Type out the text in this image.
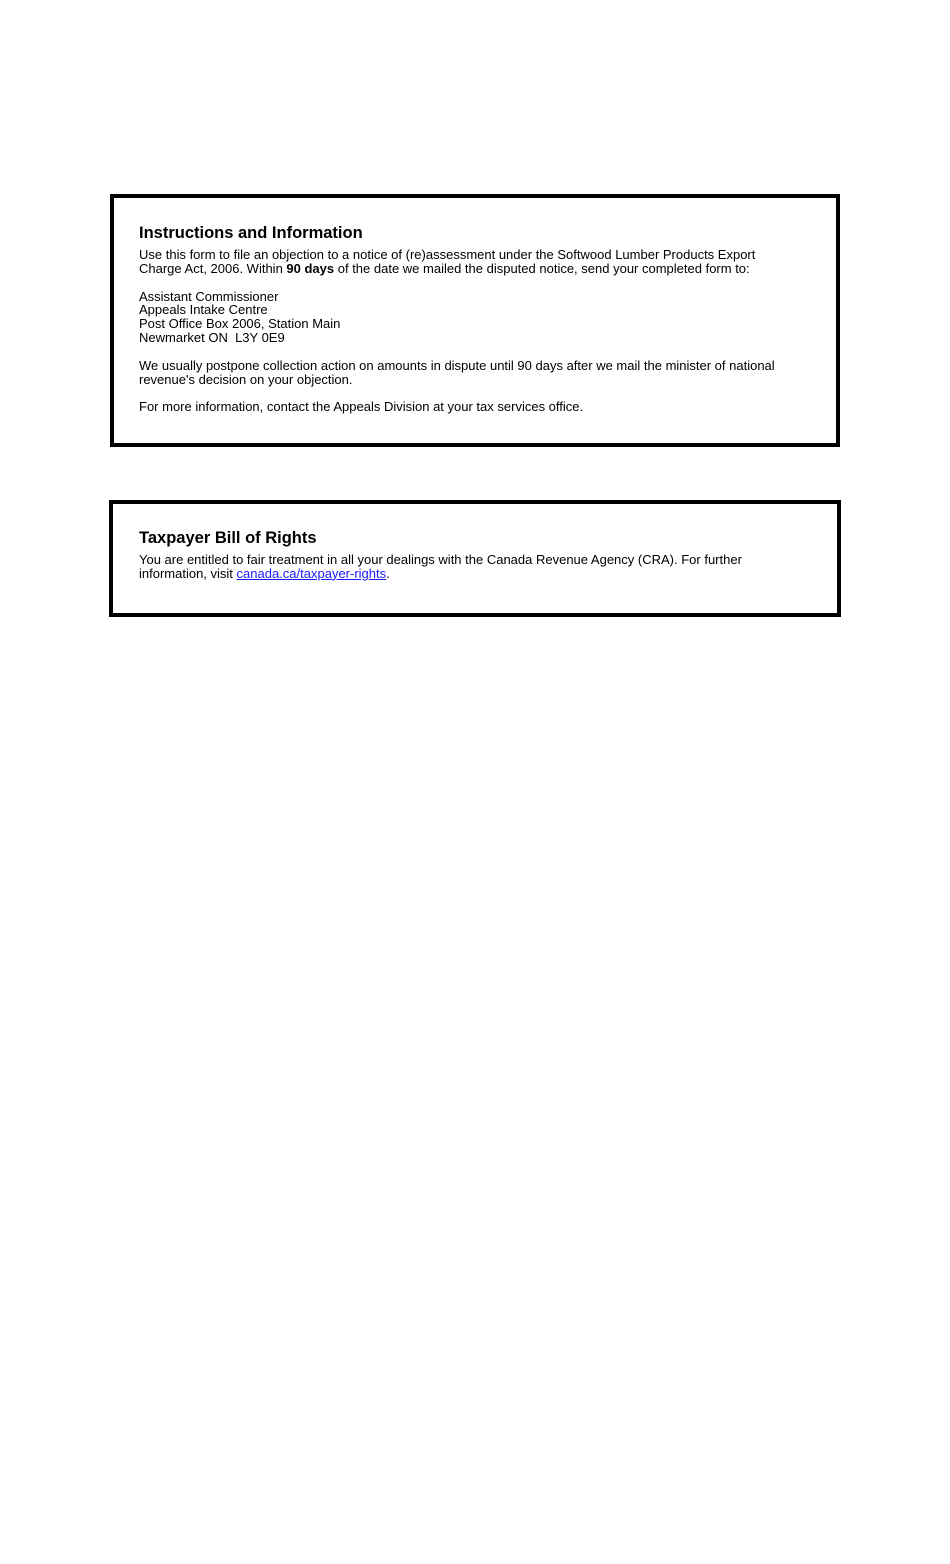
Instructions and Information

Use this form to file an objection to a notice of (re)assessment under the Softwood Lumber Products Export Charge Act, 2006. Within 90 days of the date we mailed the disputed notice, send your completed form to:

Assistant Commissioner
Appeals Intake Centre
Post Office Box 2006, Station Main
Newmarket ON  L3Y 0E9

We usually postpone collection action on amounts in dispute until 90 days after we mail the minister of national revenue's decision on your objection.

For more information, contact the Appeals Division at your tax services office.

Taxpayer Bill of Rights

You are entitled to fair treatment in all your dealings with the Canada Revenue Agency (CRA). For further information, visit canada.ca/taxpayer-rights.
